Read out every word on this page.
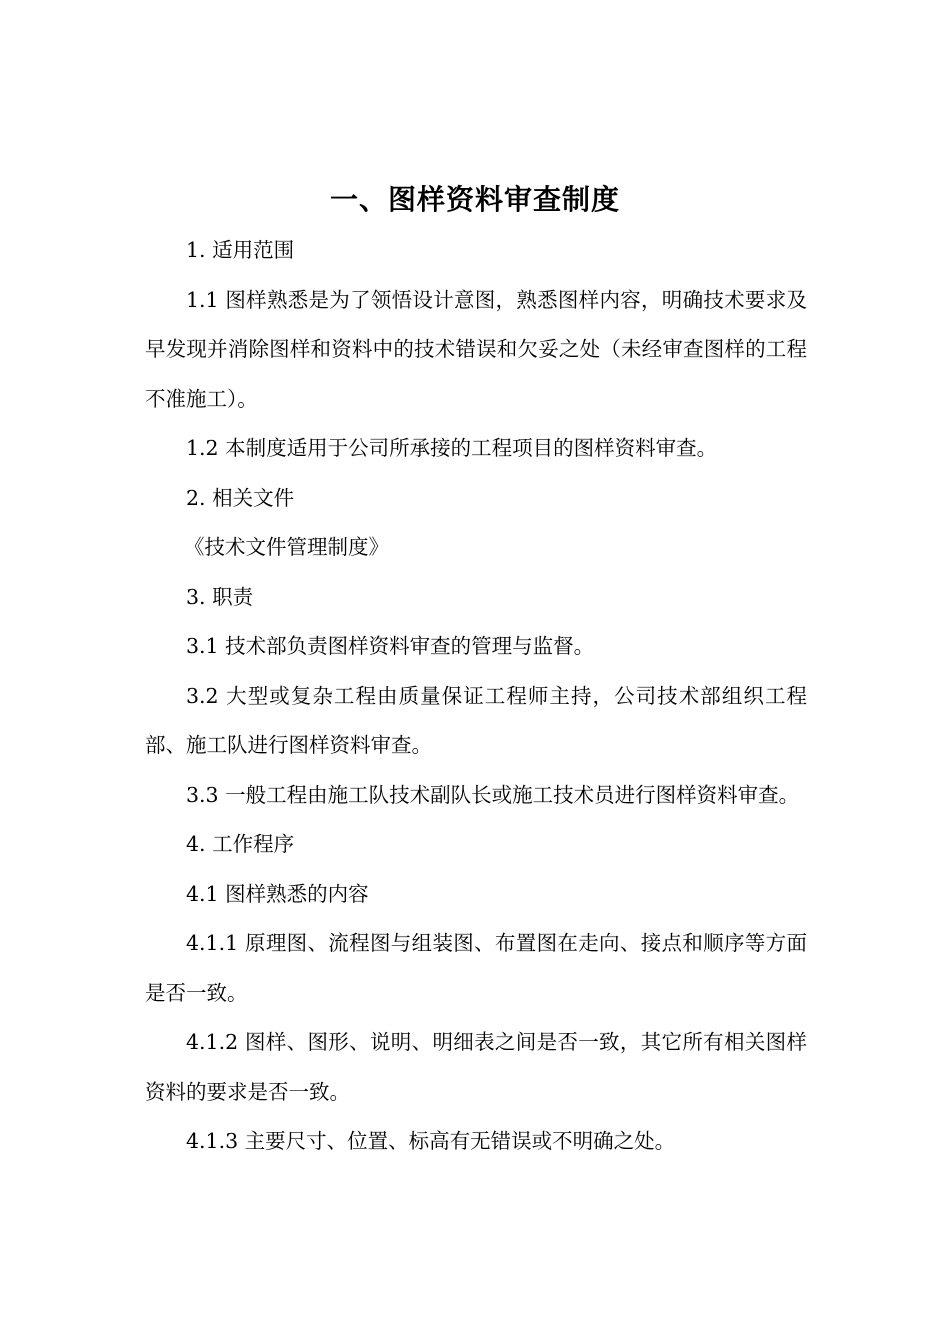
一、图样资料审查制度

1. 适用范围

1.1 图样熟悉是为了领悟设计意图，熟悉图样内容，明确技术要求及早发现并消除图样和资料中的技术错误和欠妥之处（未经审查图样的工程不准施工）。

1.2 本制度适用于公司所承接的工程项目的图样资料审查。

2. 相关文件

《技术文件管理制度》

3. 职责

3.1 技术部负责图样资料审查的管理与监督。

3.2 大型或复杂工程由质量保证工程师主持，公司技术部组织工程部、施工队进行图样资料审查。

3.3 一般工程由施工队技术副队长或施工技术员进行图样资料审查。

4. 工作程序

4.1 图样熟悉的内容

4.1.1 原理图、流程图与组装图、布置图在走向、接点和顺序等方面是否一致。

4.1.2 图样、图形、说明、明细表之间是否一致，其它所有相关图样资料的要求是否一致。

4.1.3 主要尺寸、位置、标高有无错误或不明确之处。
